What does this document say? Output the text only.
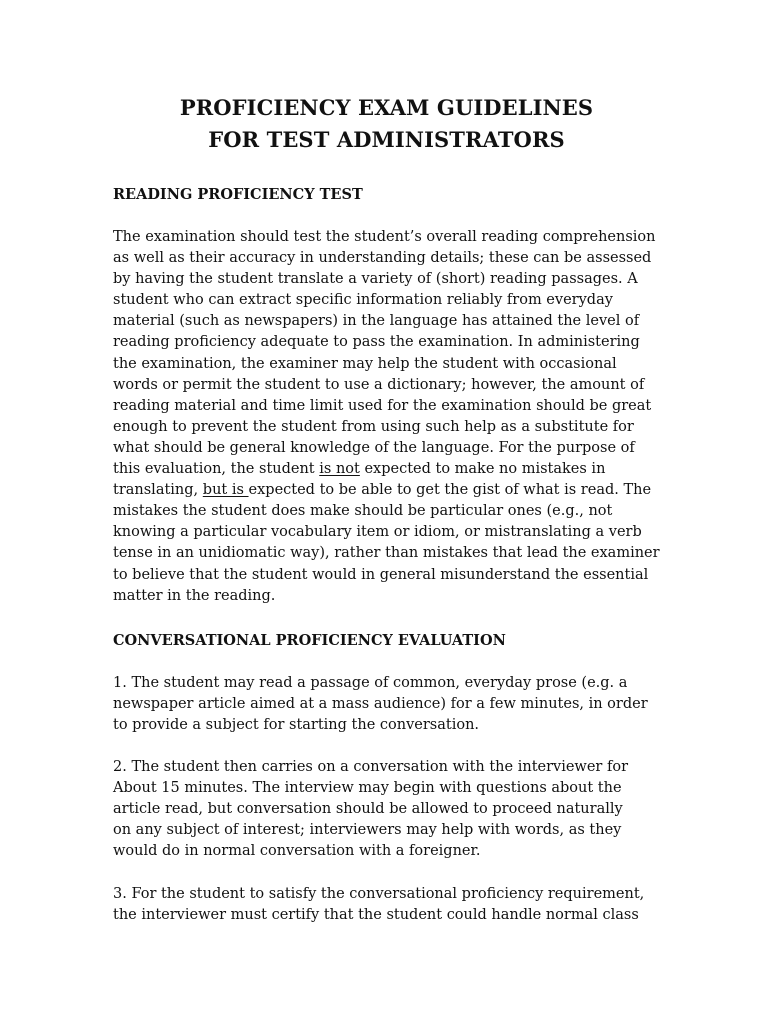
PROFICIENCY EXAM GUIDELINES
FOR TEST ADMINISTRATORS
READING PROFICIENCY TEST
The examination should test the student’s overall reading comprehension
as well as their accuracy in understanding details; these can be assessed
by having the student translate a variety of (short) reading passages. A
student who can extract specific information reliably from everyday
material (such as newspapers) in the language has attained the level of
reading proficiency adequate to pass the examination. In administering
the examination, the examiner may help the student with occasional
words or permit the student to use a dictionary; however, the amount of
reading material and time limit used for the examination should be great
enough to prevent the student from using such help as a substitute for
what should be general knowledge of the language. For the purpose of
this evaluation, the student is not expected to make no mistakes in
translating, but is expected to be able to get the gist of what is read. The
mistakes the student does make should be particular ones (e.g., not
knowing a particular vocabulary item or idiom, or mistranslating a verb
tense in an unidiomatic way), rather than mistakes that lead the examiner
to believe that the student would in general misunderstand the essential
matter in the reading.
CONVERSATIONAL PROFICIENCY EVALUATION
1. The student may read a passage of common, everyday prose (e.g. a
newspaper article aimed at a mass audience) for a few minutes, in order
to provide a subject for starting the conversation.
2. The student then carries on a conversation with the interviewer for
About 15 minutes. The interview may begin with questions about the
article read, but conversation should be allowed to proceed naturally
on any subject of interest; interviewers may help with words, as they
would do in normal conversation with a foreigner.
3. For the student to satisfy the conversational proficiency requirement,
the interviewer must certify that the student could handle normal class
